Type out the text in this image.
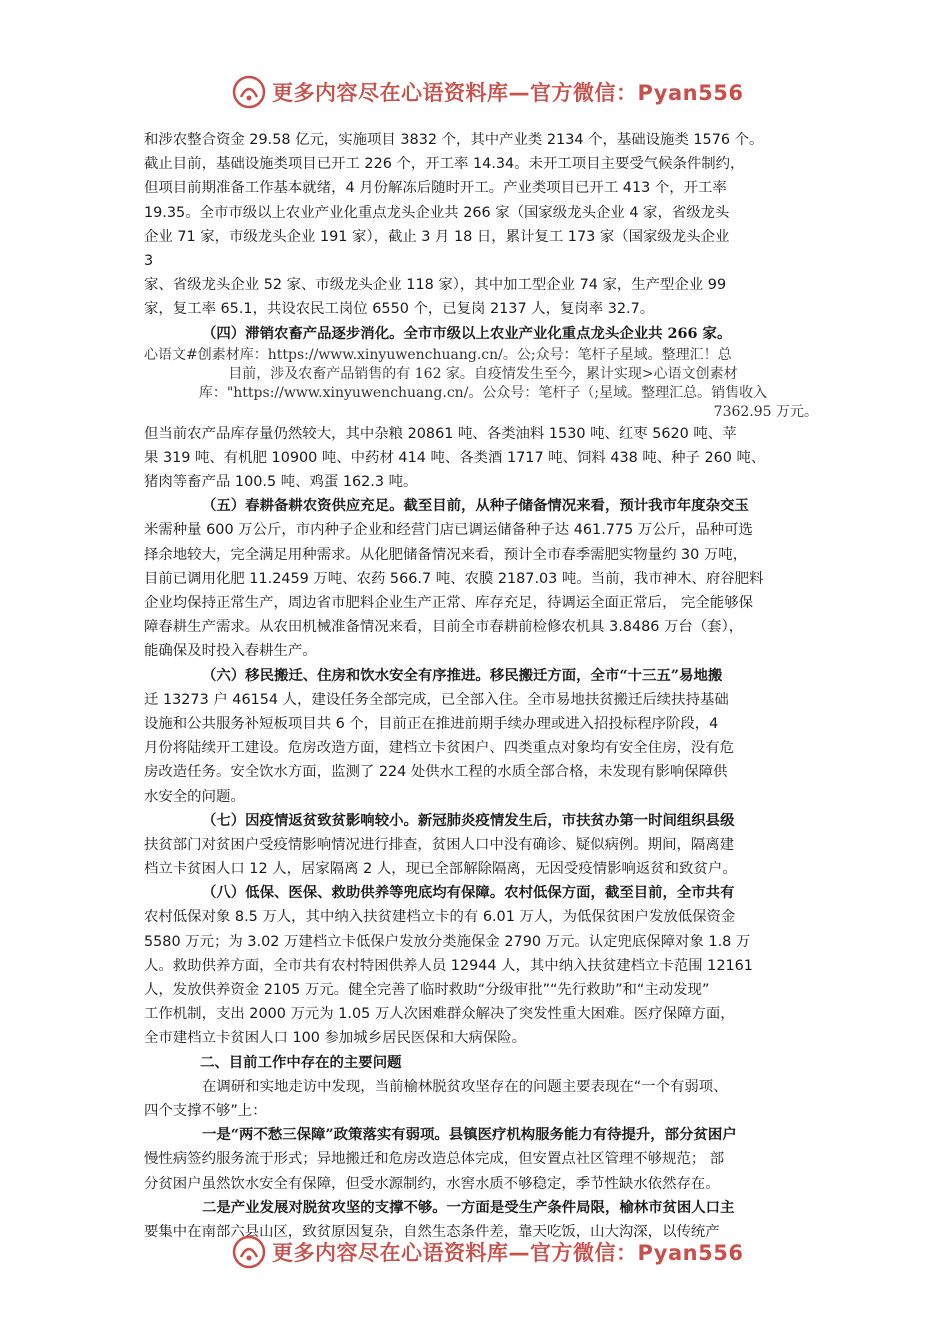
更多内容尽在心语资料库—官方微信：Pyan556
和涉农整合资金 29.58 亿元，实施项目 3832 个，其中产业类 2134 个，基础设施类 1576 个。
截止目前，基础设施类项目已开工 226 个，开工率 14.34。未开工项目主要受气候条件制约，
但项目前期准备工作基本就绪，4 月份解冻后随时开工。产业类项目已开工 413 个，开工率
19.35。全市市级以上农业产业化重点龙头企业共 266 家（国家级龙头企业 4 家，省级龙头
企业 71 家，市级龙头企业 191 家），截止 3 月 18 日，累计复工 173 家（国家级龙头企业
3
家、省级龙头企业 52 家、市级龙头企业 118 家），其中加工型企业 74 家，生产型企业 99
家，复工率 65.1，共设农民工岗位 6550 个，已复岗 2137 人，复岗率 32.7。
（四）滞销农畜产品逐步消化。全市市级以上农业产业化重点龙头企业共 266 家。
心语文#创素材库：https://www.xinyuwenchuang.cn/。公;众号：笔杆子星域。整理汇！总
目前，涉及农畜产品销售的有 162 家。自疫情发生至今，累计实现>心语文创素材
库："https://www.xinyuwenchuang.cn/。公众号：笔杆子（;星域。整理汇总。销售收入
7362.95 万元。
但当前农产品库存量仍然较大，其中杂粮 20861 吨、各类油料 1530 吨、红枣 5620 吨、苹
果 319 吨、有机肥 10900 吨、中药材 414 吨、各类酒 1717 吨、饲料 438 吨、种子 260 吨、
猪肉等畜产品 100.5 吨、鸡蛋 162.3 吨。
（五）春耕备耕农资供应充足。截至目前，从种子储备情况来看，预计我市年度杂交玉
米需种量 600 万公斤，市内种子企业和经营门店已调运储备种子达 461.775 万公斤，品种可选
择余地较大，完全满足用种需求。从化肥储备情况来看，预计全市春季需肥实物量约 30 万吨，
目前已调用化肥 11.2459 万吨、农药 566.7 吨、农膜 2187.03 吨。当前，我市神木、府谷肥料
企业均保持正常生产，周边省市肥料企业生产正常、库存充足，待调运全面正常后， 完全能够保
障春耕生产需求。从农田机械准备情况来看，目前全市春耕前检修农机具 3.8486 万台（套），
能确保及时投入春耕生产。
（六）移民搬迁、住房和饮水安全有序推进。移民搬迁方面，全市“十三五”易地搬
迁 13273 户 46154 人，建设任务全部完成，已全部入住。全市易地扶贫搬迁后续扶持基础
设施和公共服务补短板项目共 6 个，目前正在推进前期手续办理或进入招投标程序阶段，4
月份将陆续开工建设。危房改造方面，建档立卡贫困户、四类重点对象均有安全住房，没有危
房改造任务。安全饮水方面，监测了 224 处供水工程的水质全部合格，未发现有影响保障供
水安全的问题。
（七）因疫情返贫致贫影响较小。新冠肺炎疫情发生后，市扶贫办第一时间组织县级
扶贫部门对贫困户受疫情影响情况进行排查，贫困人口中没有确诊、疑似病例。期间，隔离建
档立卡贫困人口 12 人，居家隔离 2 人，现已全部解除隔离，无因受疫情影响返贫和致贫户。
（八）低保、医保、救助供养等兜底均有保障。农村低保方面，截至目前，全市共有
农村低保对象 8.5 万人，其中纳入扶贫建档立卡的有 6.01 万人，为低保贫困户发放低保资金
5580 万元；为 3.02 万建档立卡低保户发放分类施保金 2790 万元。认定兜底保障对象 1.8 万
人。救助供养方面，全市共有农村特困供养人员 12944 人，其中纳入扶贫建档立卡范围 12161
人，发放供养资金 2105 万元。健全完善了临时救助“分级审批”“先行救助”和“主动发现”
工作机制，支出 2000 万元为 1.05 万人次困难群众解决了突发性重大困难。医疗保障方面，
全市建档立卡贫困人口 100 参加城乡居民医保和大病保险。
二、目前工作中存在的主要问题
在调研和实地走访中发现，当前榆林脱贫攻坚存在的问题主要表现在“一个有弱项、
四个支撑不够”上：
一是“两不愁三保障”政策落实有弱项。县镇医疗机构服务能力有待提升，部分贫困户
慢性病签约服务流于形式；异地搬迁和危房改造总体完成，但安置点社区管理不够规范； 部
分贫困户虽然饮水安全有保障，但受水源制约，水窖水质不够稳定，季节性缺水依然存在。
二是产业发展对脱贫攻坚的支撑不够。一方面是受生产条件局限，榆林市贫困人口主
要集中在南部六县山区，致贫原因复杂，自然生态条件差，靠天吃饭，山大沟深，以传统产
更多内容尽在心语资料库—官方微信：Pyan556
